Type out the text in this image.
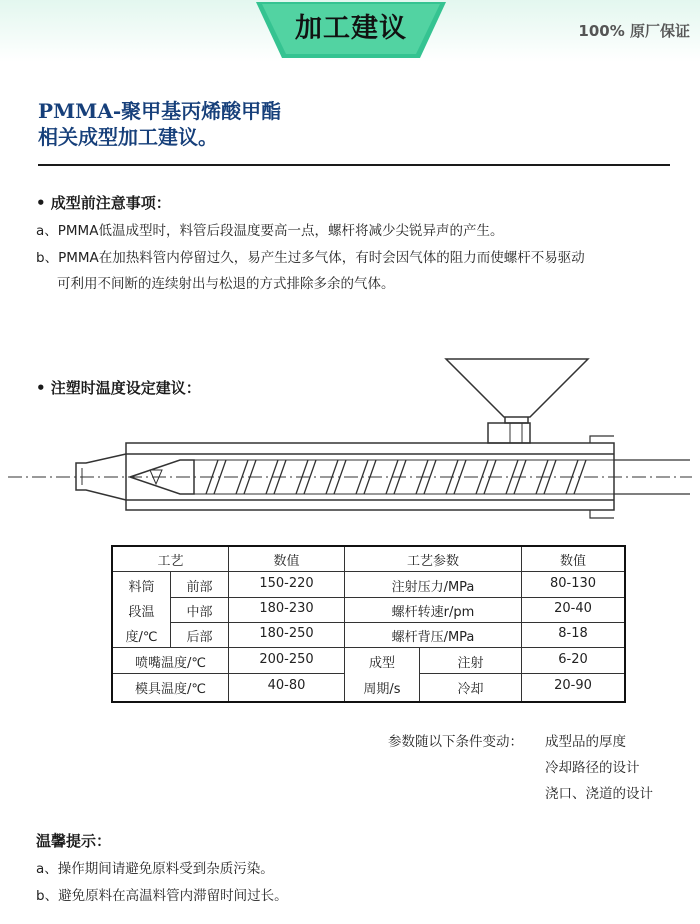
加工建议	100% 原厂保证
PMMA-聚甲基丙烯酸甲酯
相关成型加工建议。
• 成型前注意事项：
a、PMMA低温成型时，料管后段温度要高一点，螺杆将减少尖锐异声的产生。
b、PMMA在加热料管内停留过久，易产生过多气体，有时会因气体的阻力而使螺杆不易驱动
可利用不间断的连续射出与松退的方式排除多余的气体。
• 注塑时温度设定建议：
工艺	数值	工艺参数	数值
料筒	前部	150-220	注射压力/MPa	80-130
段温	中部	180-230	螺杆转速r/pm	20-40
度/℃	后部	180-250	螺杆背压/MPa	8-18
喷嘴温度/℃	200-250	成型	注射	6-20
模具温度/℃	40-80	周期/s	冷却	20-90
参数随以下条件变动： 成型品的厚度
冷却路径的设计
浇口、浇道的设计
温馨提示：
a、操作期间请避免原料受到杂质污染。
b、避免原料在高温料管内滞留时间过长。
